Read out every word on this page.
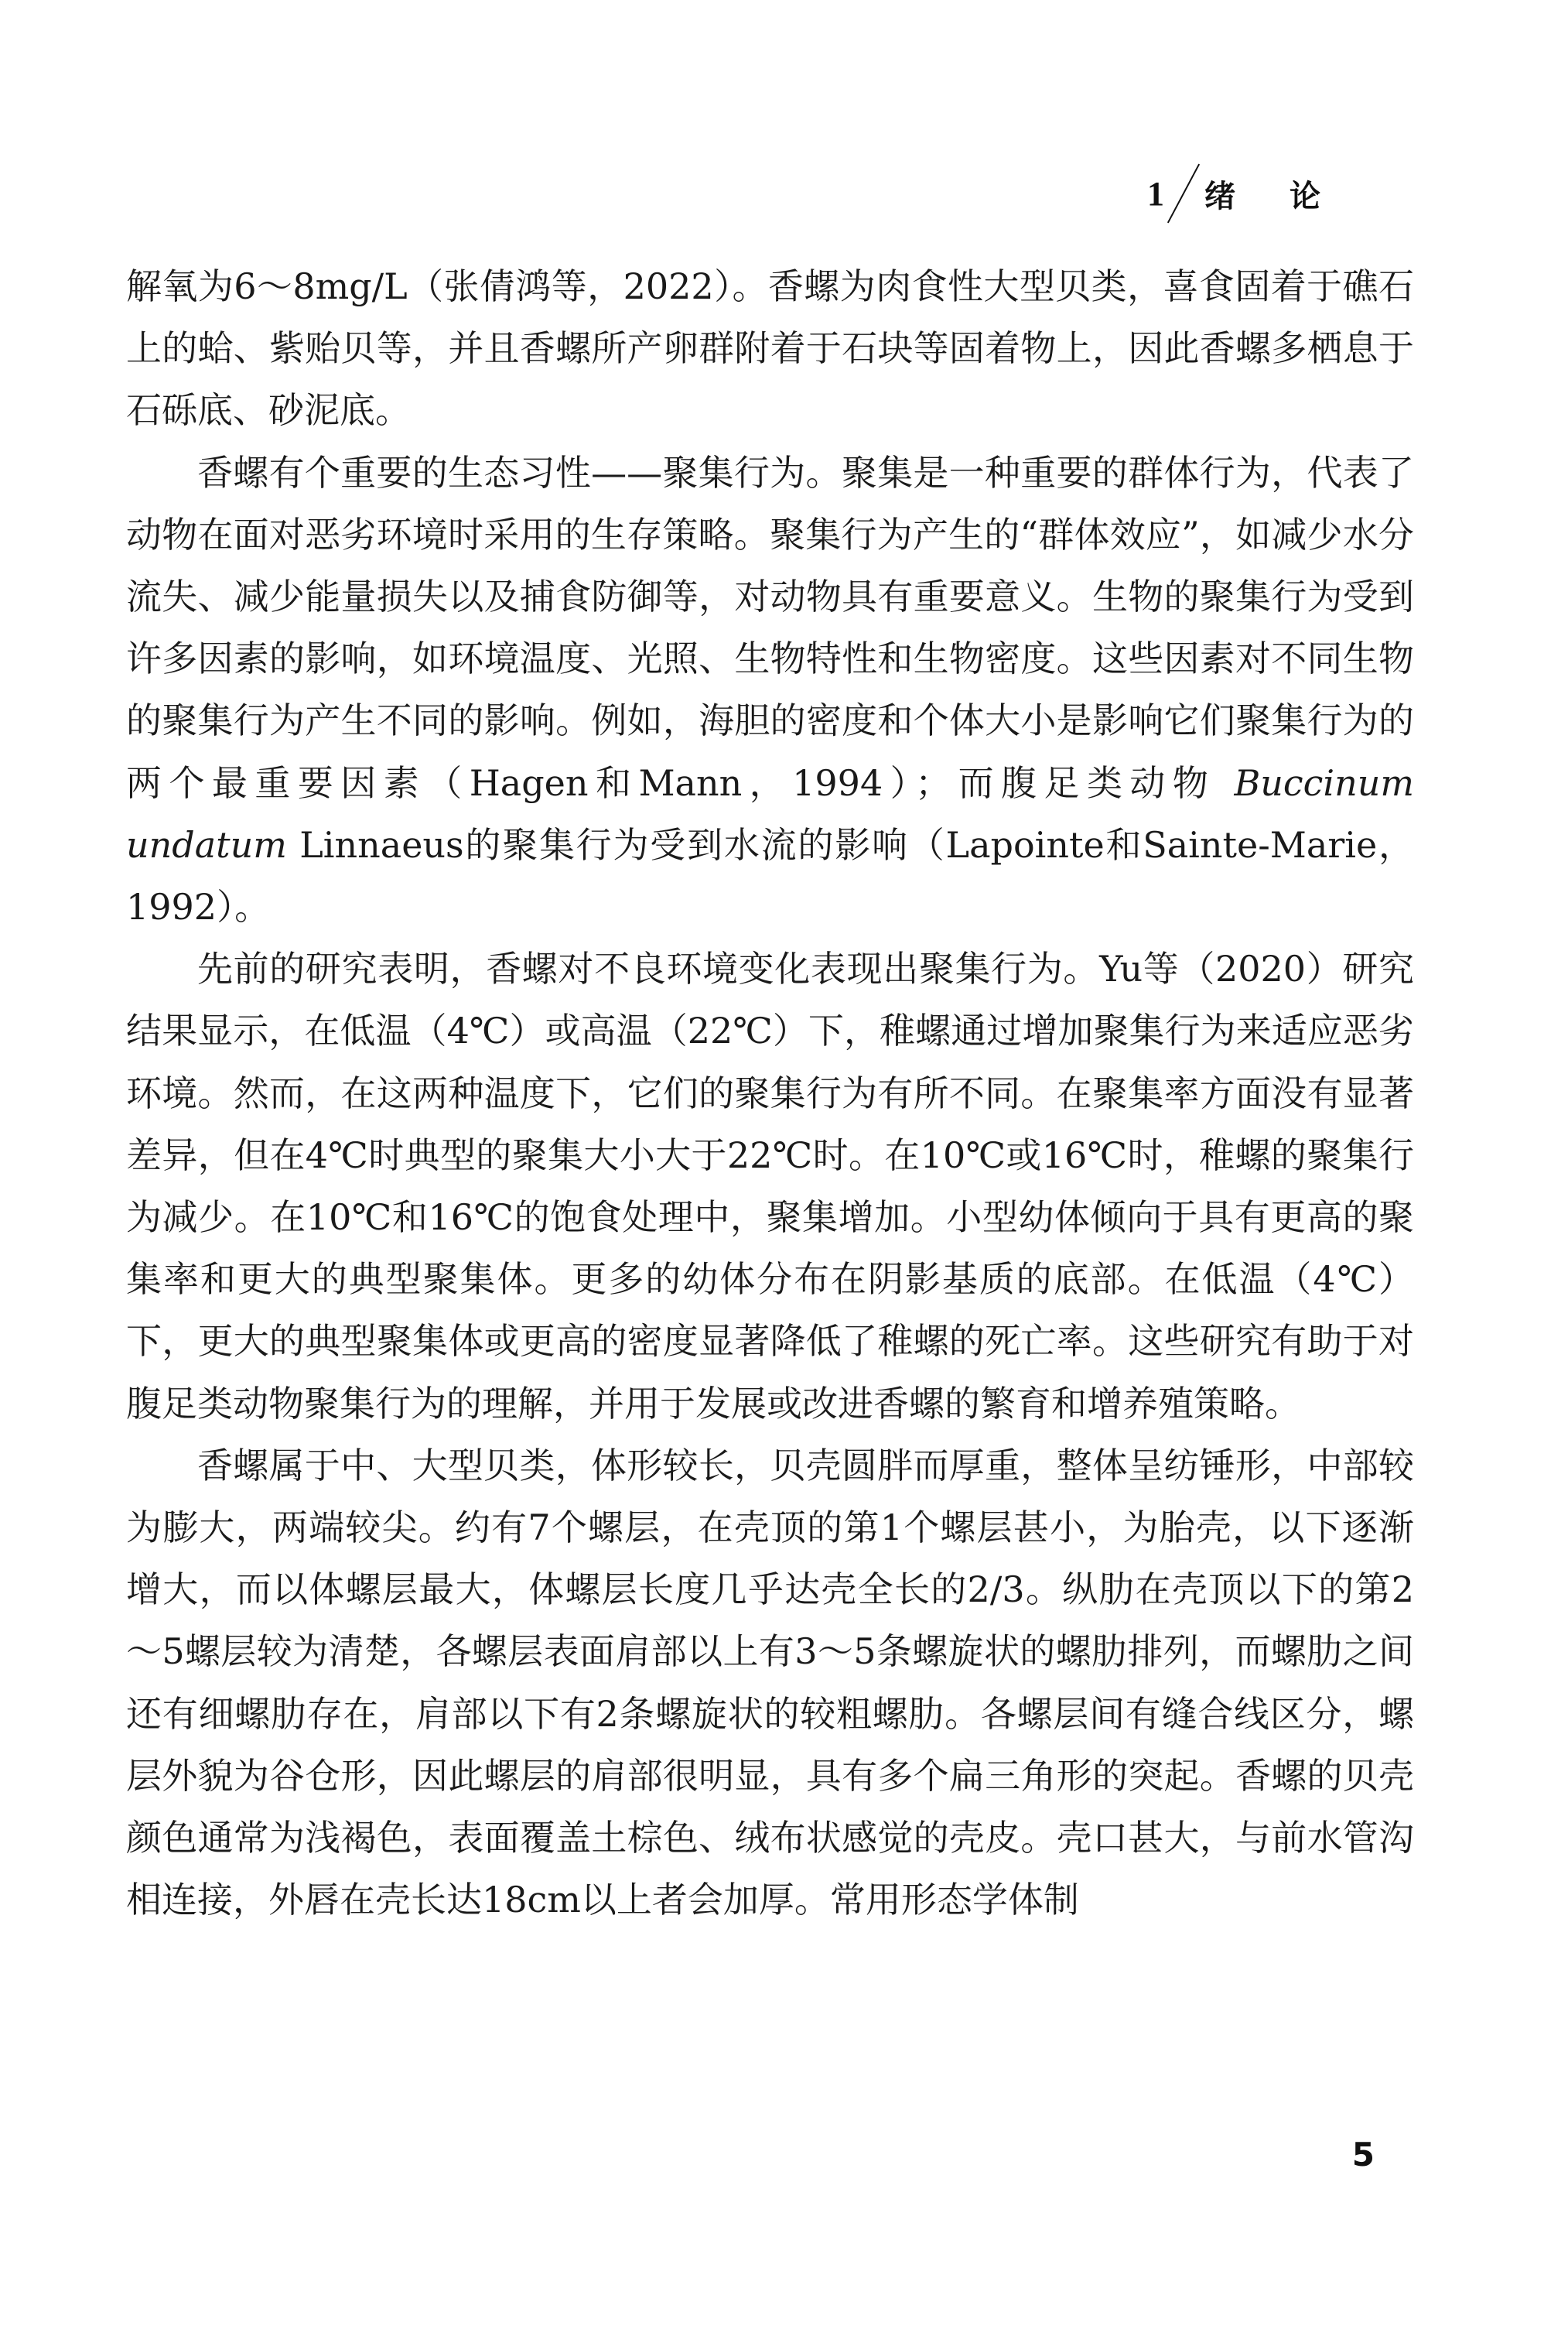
1 绪论

解氧为6～8mg/L（张倩鸿等，2022）。香螺为肉食性大型贝类，喜食固着于礁石上的蛤、紫贻贝等，并且香螺所产卵群附着于石块等固着物上，因此香螺多栖息于石砾底、砂泥底。

香螺有个重要的生态习性——聚集行为。聚集是一种重要的群体行为，代表了动物在面对恶劣环境时采用的生存策略。聚集行为产生的“群体效应”，如减少水分流失、减少能量损失以及捕食防御等，对动物具有重要意义。生物的聚集行为受到许多因素的影响，如环境温度、光照、生物特性和生物密度。这些因素对不同生物的聚集行为产生不同的影响。例如，海胆的密度和个体大小是影响它们聚集行为的两个最重要因素（Hagen和Mann，1994）；而腹足类动物 Buccinum undatum Linnaeus的聚集行为受到水流的影响（Lapointe和Sainte-Marie，1992）。

先前的研究表明，香螺对不良环境变化表现出聚集行为。Yu等（2020）研究结果显示，在低温（4℃）或高温（22℃）下，稚螺通过增加聚集行为来适应恶劣环境。然而，在这两种温度下，它们的聚集行为有所不同。在聚集率方面没有显著差异，但在4℃时典型的聚集大小大于22℃时。在10℃或16℃时，稚螺的聚集行为减少。在10℃和16℃的饱食处理中，聚集增加。小型幼体倾向于具有更高的聚集率和更大的典型聚集体。更多的幼体分布在阴影基质的底部。在低温（4℃）下，更大的典型聚集体或更高的密度显著降低了稚螺的死亡率。这些研究有助于对腹足类动物聚集行为的理解，并用于发展或改进香螺的繁育和增养殖策略。

香螺属于中、大型贝类，体形较长，贝壳圆胖而厚重，整体呈纺锤形，中部较为膨大，两端较尖。约有7个螺层，在壳顶的第1个螺层甚小，为胎壳，以下逐渐增大，而以体螺层最大，体螺层长度几乎达壳全长的2/3。纵肋在壳顶以下的第2～5螺层较为清楚，各螺层表面肩部以上有3～5条螺旋状的螺肋排列，而螺肋之间还有细螺肋存在，肩部以下有2条螺旋状的较粗螺肋。各螺层间有缝合线区分，螺层外貌为谷仓形，因此螺层的肩部很明显，具有多个扁三角形的突起。香螺的贝壳颜色通常为浅褐色，表面覆盖土棕色、绒布状感觉的壳皮。壳口甚大，与前水管沟相连接，外唇在壳长达18cm以上者会加厚。常用形态学体制

5
